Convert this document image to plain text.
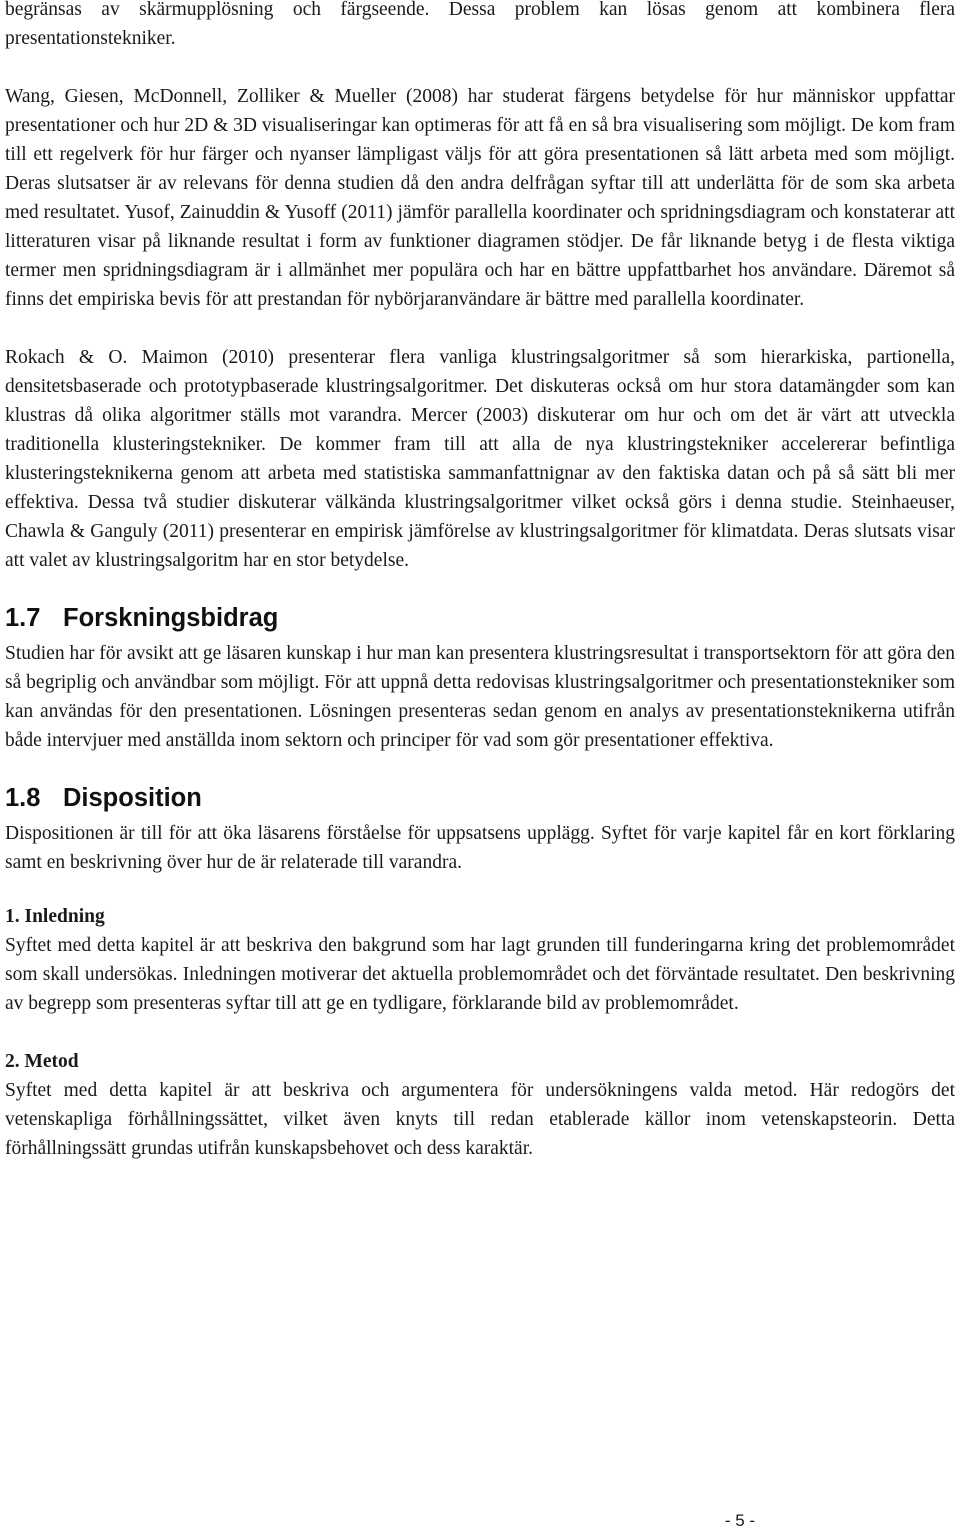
begränsas av skärmupplösning och färgseende. Dessa problem kan lösas genom att kombinera flera presentationstekniker.

Wang, Giesen, McDonnell, Zolliker & Mueller (2008) har studerat färgens betydelse för hur människor uppfattar presentationer och hur 2D & 3D visualiseringar kan optimeras för att få en så bra visualisering som möjligt. De kom fram till ett regelverk för hur färger och nyanser lämpligast väljs för att göra presentationen så lätt arbeta med som möjligt. Deras slutsatser är av relevans för denna studien då den andra delfrågan syftar till att underlätta för de som ska arbeta med resultatet. Yusof, Zainuddin & Yusoff (2011) jämför parallella koordinater och spridningsdiagram och konstaterar att litteraturen visar på liknande resultat i form av funktioner diagramen stödjer. De får liknande betyg i de flesta viktiga termer men spridningsdiagram är i allmänhet mer populära och har en bättre uppfattbarhet hos användare. Däremot så finns det empiriska bevis för att prestandan för nybörjaranvändare är bättre med parallella koordinater.

Rokach & O. Maimon (2010) presenterar flera vanliga klustringsalgoritmer så som hierarkiska, partionella, densitetsbaserade och prototypbaserade klustringsalgoritmer. Det diskuteras också om hur stora datamängder som kan klustras då olika algoritmer ställs mot varandra. Mercer (2003) diskuterar om hur och om det är värt att utveckla traditionella klusteringstekniker. De kommer fram till att alla de nya klustringstekniker accelererar befintliga klusteringsteknikerna genom att arbeta med statistiska sammanfattnignar av den faktiska datan och på så sätt bli mer effektiva. Dessa två studier diskuterar välkända klustringsalgoritmer vilket också görs i denna studie. Steinhaeuser, Chawla & Ganguly (2011) presenterar en empirisk jämförelse av klustringsalgoritmer för klimatdata. Deras slutsats visar att valet av klustringsalgoritm har en stor betydelse.

1.7 Forskningsbidrag

Studien har för avsikt att ge läsaren kunskap i hur man kan presentera klustringsresultat i transportsektorn för att göra den så begriplig och användbar som möjligt. För att uppnå detta redovisas klustringsalgoritmer och presentationstekniker som kan användas för den presentationen. Lösningen presenteras sedan genom en analys av presentationsteknikerna utifrån både intervjuer med anställda inom sektorn och principer för vad som gör presentationer effektiva.

1.8 Disposition

Dispositionen är till för att öka läsarens förståelse för uppsatsens upplägg. Syftet för varje kapitel får en kort förklaring samt en beskrivning över hur de är relaterade till varandra.

1. Inledning

Syftet med detta kapitel är att beskriva den bakgrund som har lagt grunden till funderingarna kring det problemområdet som skall undersökas. Inledningen motiverar det aktuella problemområdet och det förväntade resultatet. Den beskrivning av begrepp som presenteras syftar till att ge en tydligare, förklarande bild av problemområdet.

2. Metod

Syftet med detta kapitel är att beskriva och argumentera för undersökningens valda metod. Här redogörs det vetenskapliga förhållningssättet, vilket även knyts till redan etablerade källor inom vetenskapsteorin. Detta förhållningssätt grundas utifrån kunskapsbehovet och dess karaktär.

- 5 -
